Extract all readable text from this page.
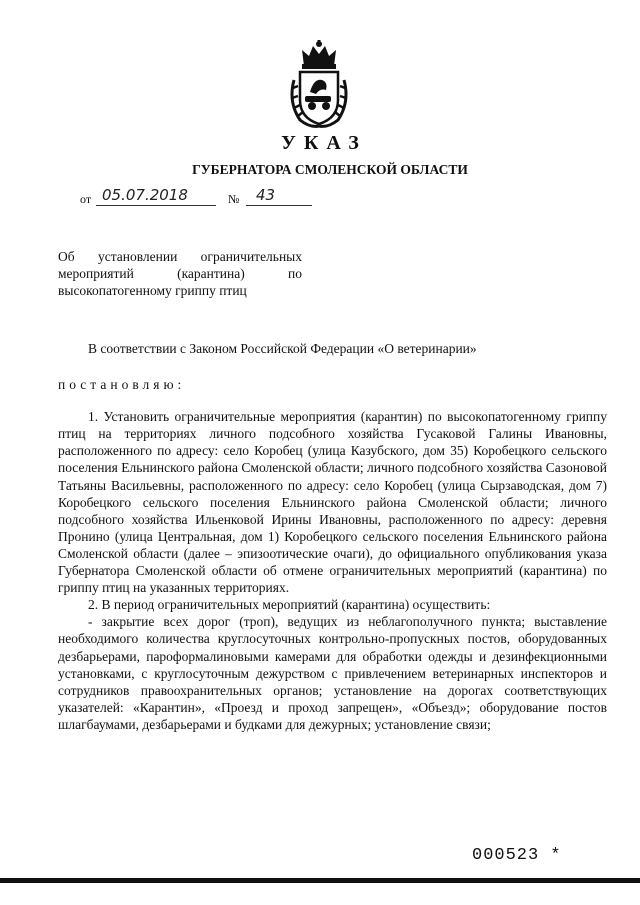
УКАЗ
ГУБЕРНАТОРА СМОЛЕНСКОЙ ОБЛАСТИ
от 05.07.2018	№ 43
Об установлении ограничительных
мероприятий (карантина) по
высокопатогенному гриппу птиц

В соответствии с Законом Российской Федерации «О ветеринарии»

постановляю:

1. Установить ограничительные мероприятия (карантин) по высокопатогенному гриппу птиц на территориях личного подсобного хозяйства Гусаковой Галины Ивановны, расположенного по адресу: село Коробец (улица Казубского, дом 35) Коробецкого сельского поселения Ельнинского района Смоленской области; личного подсобного хозяйства Сазоновой Татьяны Васильевны, расположенного по адресу: село Коробец (улица Сырзаводская, дом 7) Коробецкого сельского поселения Ельнинского района Смоленской области; личного подсобного хозяйства Ильенковой Ирины Ивановны, расположенного по адресу: деревня Пронино (улица Центральная, дом 1) Коробецкого сельского поселения Ельнинского района Смоленской области (далее – эпизоотические очаги), до официального опубликования указа Губернатора Смоленской области об отмене ограничительных мероприятий (карантина) по гриппу птиц на указанных территориях.

2. В период ограничительных мероприятий (карантина) осуществить:

- закрытие всех дорог (троп), ведущих из неблагополучного пункта; выставление необходимого количества круглосуточных контрольно-пропускных постов, оборудованных дезбарьерами, пароформалиновыми камерами для обработки одежды и дезинфекционными установками, с круглосуточным дежурством с привлечением ветеринарных инспекторов и сотрудников правоохранительных органов; установление на дорогах соответствующих указателей: «Карантин», «Проезд и проход запрещен», «Объезд»; оборудование постов шлагбаумами, дезбарьерами и будками для дежурных; установление связи;

000523 *
